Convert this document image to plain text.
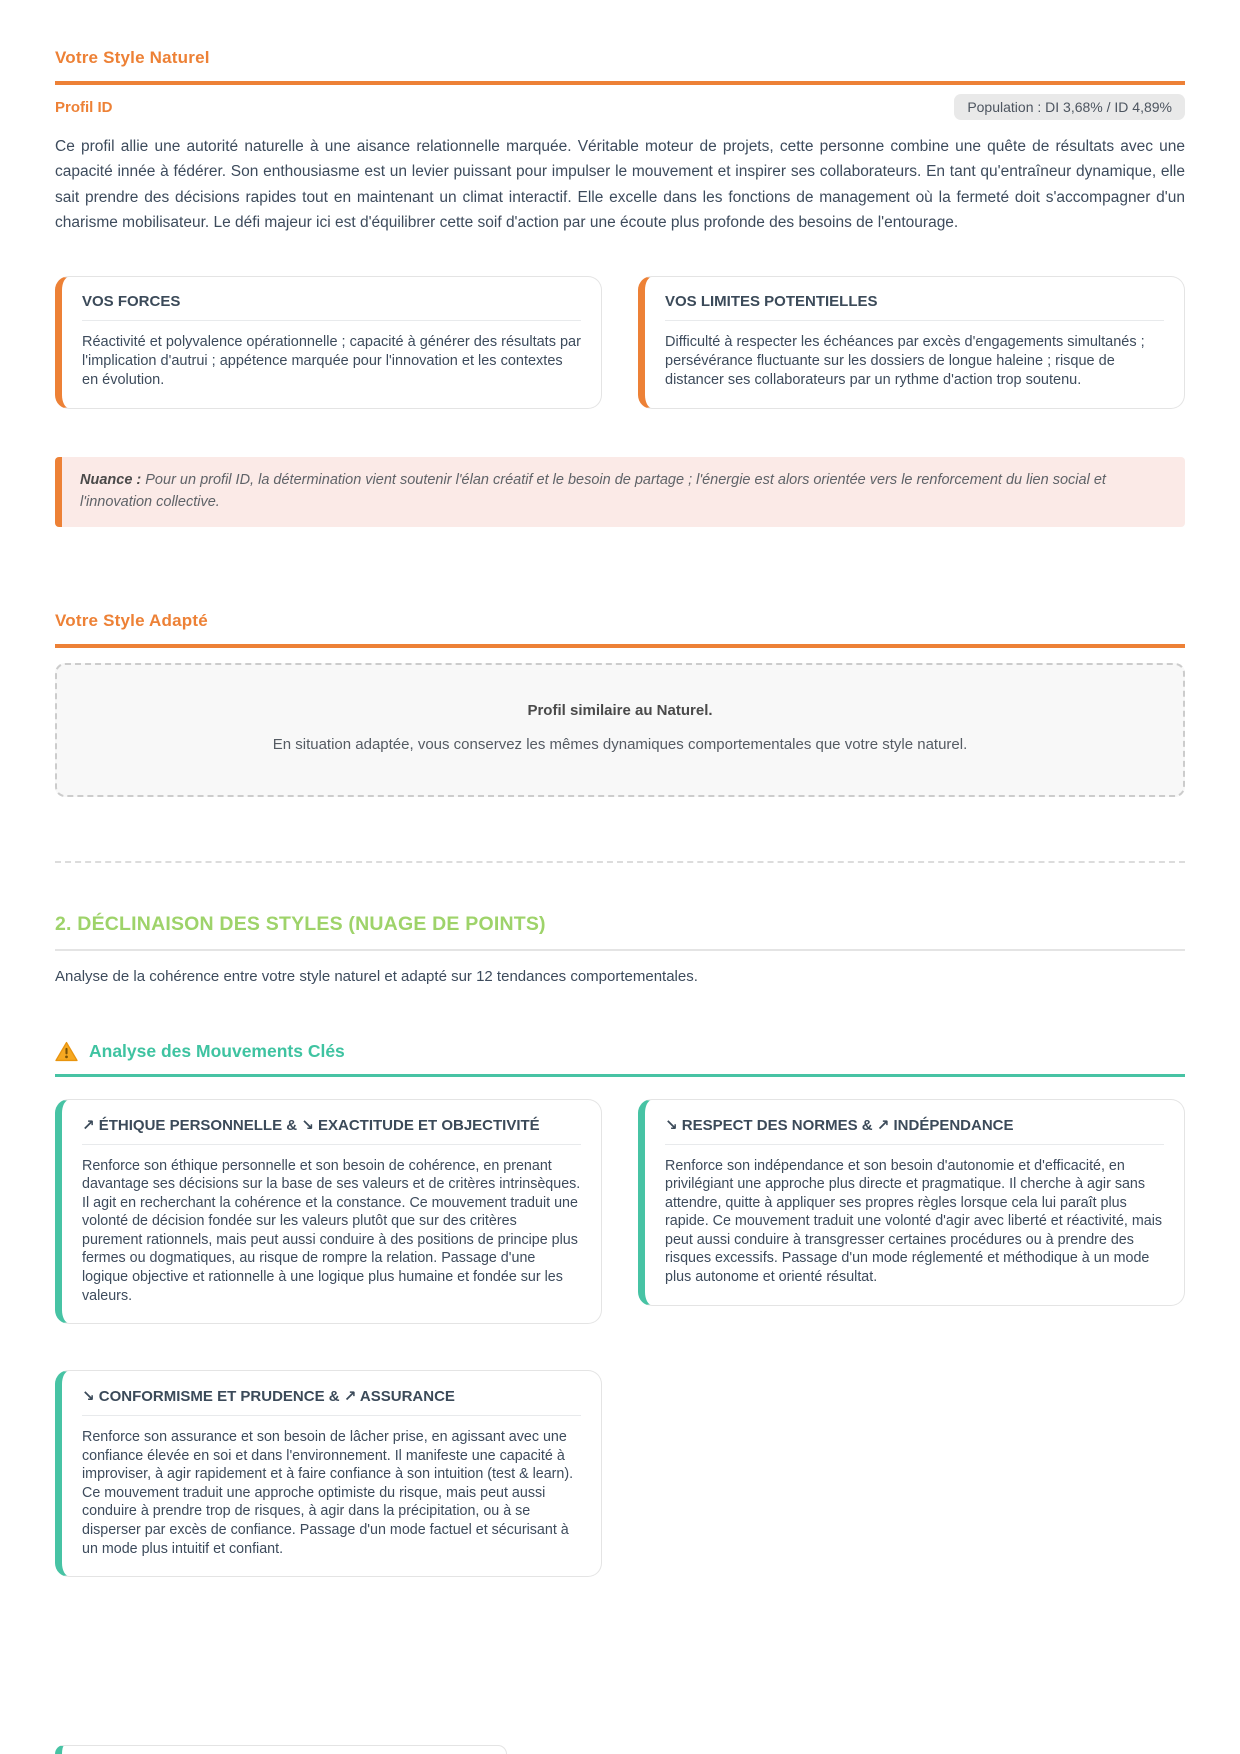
Votre Style Naturel
Profil ID	Population : DI 3,68% / ID 4,89%

Ce profil allie une autorité naturelle à une aisance relationnelle marquée. Véritable moteur de projets, cette personne combine une quête de résultats avec une capacité innée à fédérer. Son enthousiasme est un levier puissant pour impulser le mouvement et inspirer ses collaborateurs. En tant qu'entraîneur dynamique, elle sait prendre des décisions rapides tout en maintenant un climat interactif. Elle excelle dans les fonctions de management où la fermeté doit s'accompagner d'un charisme mobilisateur. Le défi majeur ici est d'équilibrer cette soif d'action par une écoute plus profonde des besoins de l'entourage.

VOS FORCES
Réactivité et polyvalence opérationnelle ; capacité à générer des résultats par l'implication d'autrui ; appétence marquée pour l'innovation et les contextes en évolution.
VOS LIMITES POTENTIELLES
Difficulté à respecter les échéances par excès d'engagements simultanés ; persévérance fluctuante sur les dossiers de longue haleine ; risque de distancer ses collaborateurs par un rythme d'action trop soutenu.
Nuance : Pour un profil ID, la détermination vient soutenir l'élan créatif et le besoin de partage ; l'énergie est alors orientée vers le renforcement du lien social et l'innovation collective.
Votre Style Adapté
Profil similaire au Naturel.
En situation adaptée, vous conservez les mêmes dynamiques comportementales que votre style naturel.
2. DÉCLINAISON DES STYLES (NUAGE DE POINTS)

Analyse de la cohérence entre votre style naturel et adapté sur 12 tendances comportementales.

Analyse des Mouvements Clés
↗ ÉTHIQUE PERSONNELLE & ↘ EXACTITUDE ET OBJECTIVITÉ
Renforce son éthique personnelle et son besoin de cohérence, en prenant davantage ses décisions sur la base de ses valeurs et de critères intrinsèques. Il agit en recherchant la cohérence et la constance. Ce mouvement traduit une volonté de décision fondée sur les valeurs plutôt que sur des critères purement rationnels, mais peut aussi conduire à des positions de principe plus fermes ou dogmatiques, au risque de rompre la relation. Passage d'une logique objective et rationnelle à une logique plus humaine et fondée sur les valeurs.
↘ RESPECT DES NORMES & ↗ INDÉPENDANCE
Renforce son indépendance et son besoin d'autonomie et d'efficacité, en privilégiant une approche plus directe et pragmatique. Il cherche à agir sans attendre, quitte à appliquer ses propres règles lorsque cela lui paraît plus rapide. Ce mouvement traduit une volonté d'agir avec liberté et réactivité, mais peut aussi conduire à transgresser certaines procédures ou à prendre des risques excessifs. Passage d'un mode réglementé et méthodique à un mode plus autonome et orienté résultat.
↘ CONFORMISME ET PRUDENCE & ↗ ASSURANCE
Renforce son assurance et son besoin de lâcher prise, en agissant avec une confiance élevée en soi et dans l'environnement. Il manifeste une capacité à improviser, à agir rapidement et à faire confiance à son intuition (test & learn). Ce mouvement traduit une approche optimiste du risque, mais peut aussi conduire à prendre trop de risques, à agir dans la précipitation, ou à se disperser par excès de confiance. Passage d'un mode factuel et sécurisant à un mode plus intuitif et confiant.
